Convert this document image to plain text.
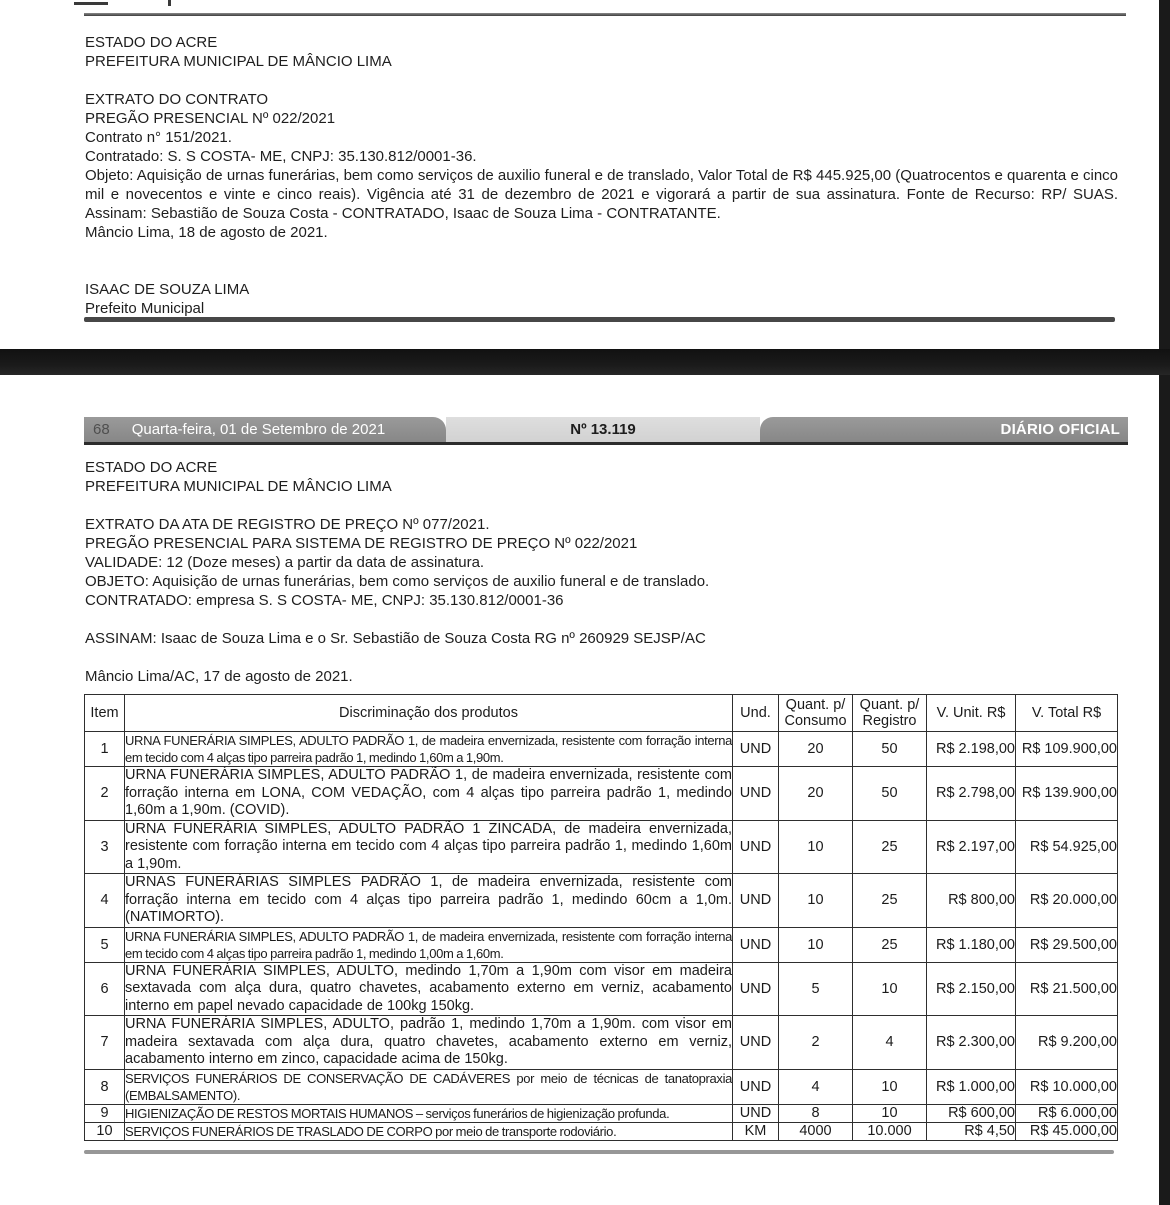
ESTADO DO ACRE
PREFEITURA MUNICIPAL DE MÂNCIO LIMA
EXTRATO DO CONTRATO
PREGÃO PRESENCIAL Nº 022/2021
Contrato n° 151/2021.
Contratado: S. S COSTA- ME, CNPJ: 35.130.812/0001-36.

Objeto: Aquisição de urnas funerárias, bem como serviços de auxilio funeral e de translado, Valor Total de R$ 445.925,00 (Quatrocentos e quarenta e cinco mil e novecentos e vinte e cinco reais). Vigência até 31 de dezembro de 2021 e vigorará a partir de sua assinatura. Fonte de Recurso: RP/ SUAS. Assinam: Sebastião de Souza Costa - CONTRATADO, Isaac de Souza Lima - CONTRATANTE.

Mâncio Lima, 18 de agosto de 2021.
ISAAC DE SOUZA LIMA
Prefeito Municipal
68 Quarta-feira, 01 de Setembro de 2021	Nº 13.119	DIÁRIO OFICIAL
ESTADO DO ACRE
PREFEITURA MUNICIPAL DE MÂNCIO LIMA
EXTRATO DA ATA DE REGISTRO DE PREÇO Nº 077/2021.
PREGÃO PRESENCIAL PARA SISTEMA DE REGISTRO DE PREÇO Nº 022/2021
VALIDADE: 12 (Doze meses) a partir da data de assinatura.
OBJETO: Aquisição de urnas funerárias, bem como serviços de auxilio funeral e de translado.
CONTRATADO: empresa S. S COSTA- ME, CNPJ: 35.130.812/0001-36
ASSINAM: Isaac de Souza Lima e o Sr. Sebastião de Souza Costa RG nº 260929 SEJSP/AC
Mâncio Lima/AC, 17 de agosto de 2021.
Item	Discriminação dos produtos	Und.	Quant. p/ Consumo	Quant. p/ Registro	V. Unit. R$	V. Total R$
1	URNA FUNERÁRIA SIMPLES, ADULTO PADRÃO 1, de madeira envernizada, resistente com forração interna em tecido com 4 alças tipo parreira padrão 1, medindo 1,60m a 1,90m.	UND	20	50	R$ 2.198,00	R$ 109.900,00
2	URNA FUNERÁRIA SIMPLES, ADULTO PADRÃO 1, de madeira envernizada, resistente com forração interna em LONA, COM VEDAÇÃO, com 4 alças tipo parreira padrão 1, medindo 1,60m a 1,90m. (COVID).	UND	20	50	R$ 2.798,00	R$ 139.900,00
3	URNA FUNERÁRIA SIMPLES, ADULTO PADRÃO 1 ZINCADA, de madeira envernizada, resistente com forração interna em tecido com 4 alças tipo parreira padrão 1, medindo 1,60m a 1,90m.	UND	10	25	R$ 2.197,00	R$ 54.925,00
4	URNAS FUNERÁRIAS SIMPLES PADRÃO 1, de madeira envernizada, resistente com forração interna em tecido com 4 alças tipo parreira padrão 1, medindo 60cm a 1,0m. (NATIMORTO).	UND	10	25	R$ 800,00	R$ 20.000,00
5	URNA FUNERÁRIA SIMPLES, ADULTO PADRÃO 1, de madeira envernizada, resistente com forração interna em tecido com 4 alças tipo parreira padrão 1, medindo 1,00m a 1,60m.	UND	10	25	R$ 1.180,00	R$ 29.500,00
6	URNA FUNERÁRIA SIMPLES, ADULTO, medindo 1,70m a 1,90m com visor em madeira sextavada com alça dura, quatro chavetes, acabamento externo em verniz, acabamento interno em papel nevado capacidade de 100kg 150kg.	UND	5	10	R$ 2.150,00	R$ 21.500,00
7	URNA FUNERÁRIA SIMPLES, ADULTO, padrão 1, medindo 1,70m a 1,90m. com visor em madeira sextavada com alça dura, quatro chavetes, acabamento externo em verniz, acabamento interno em zinco, capacidade acima de 150kg.	UND	2	4	R$ 2.300,00	R$ 9.200,00
8	SERVIÇOS FUNERÁRIOS DE CONSERVAÇÃO DE CADÁVERES por meio de técnicas de tanatopraxia (EMBALSAMENTO).	UND	4	10	R$ 1.000,00	R$ 10.000,00
9	HIGIENIZAÇÃO DE RESTOS MORTAIS HUMANOS – serviços funerários de higienização profunda.	UND	8	10	R$ 600,00	R$ 6.000,00
10	SERVIÇOS FUNERÁRIOS DE TRASLADO DE CORPO por meio de transporte rodoviário.	KM	4000	10.000	R$ 4,50	R$ 45.000,00
